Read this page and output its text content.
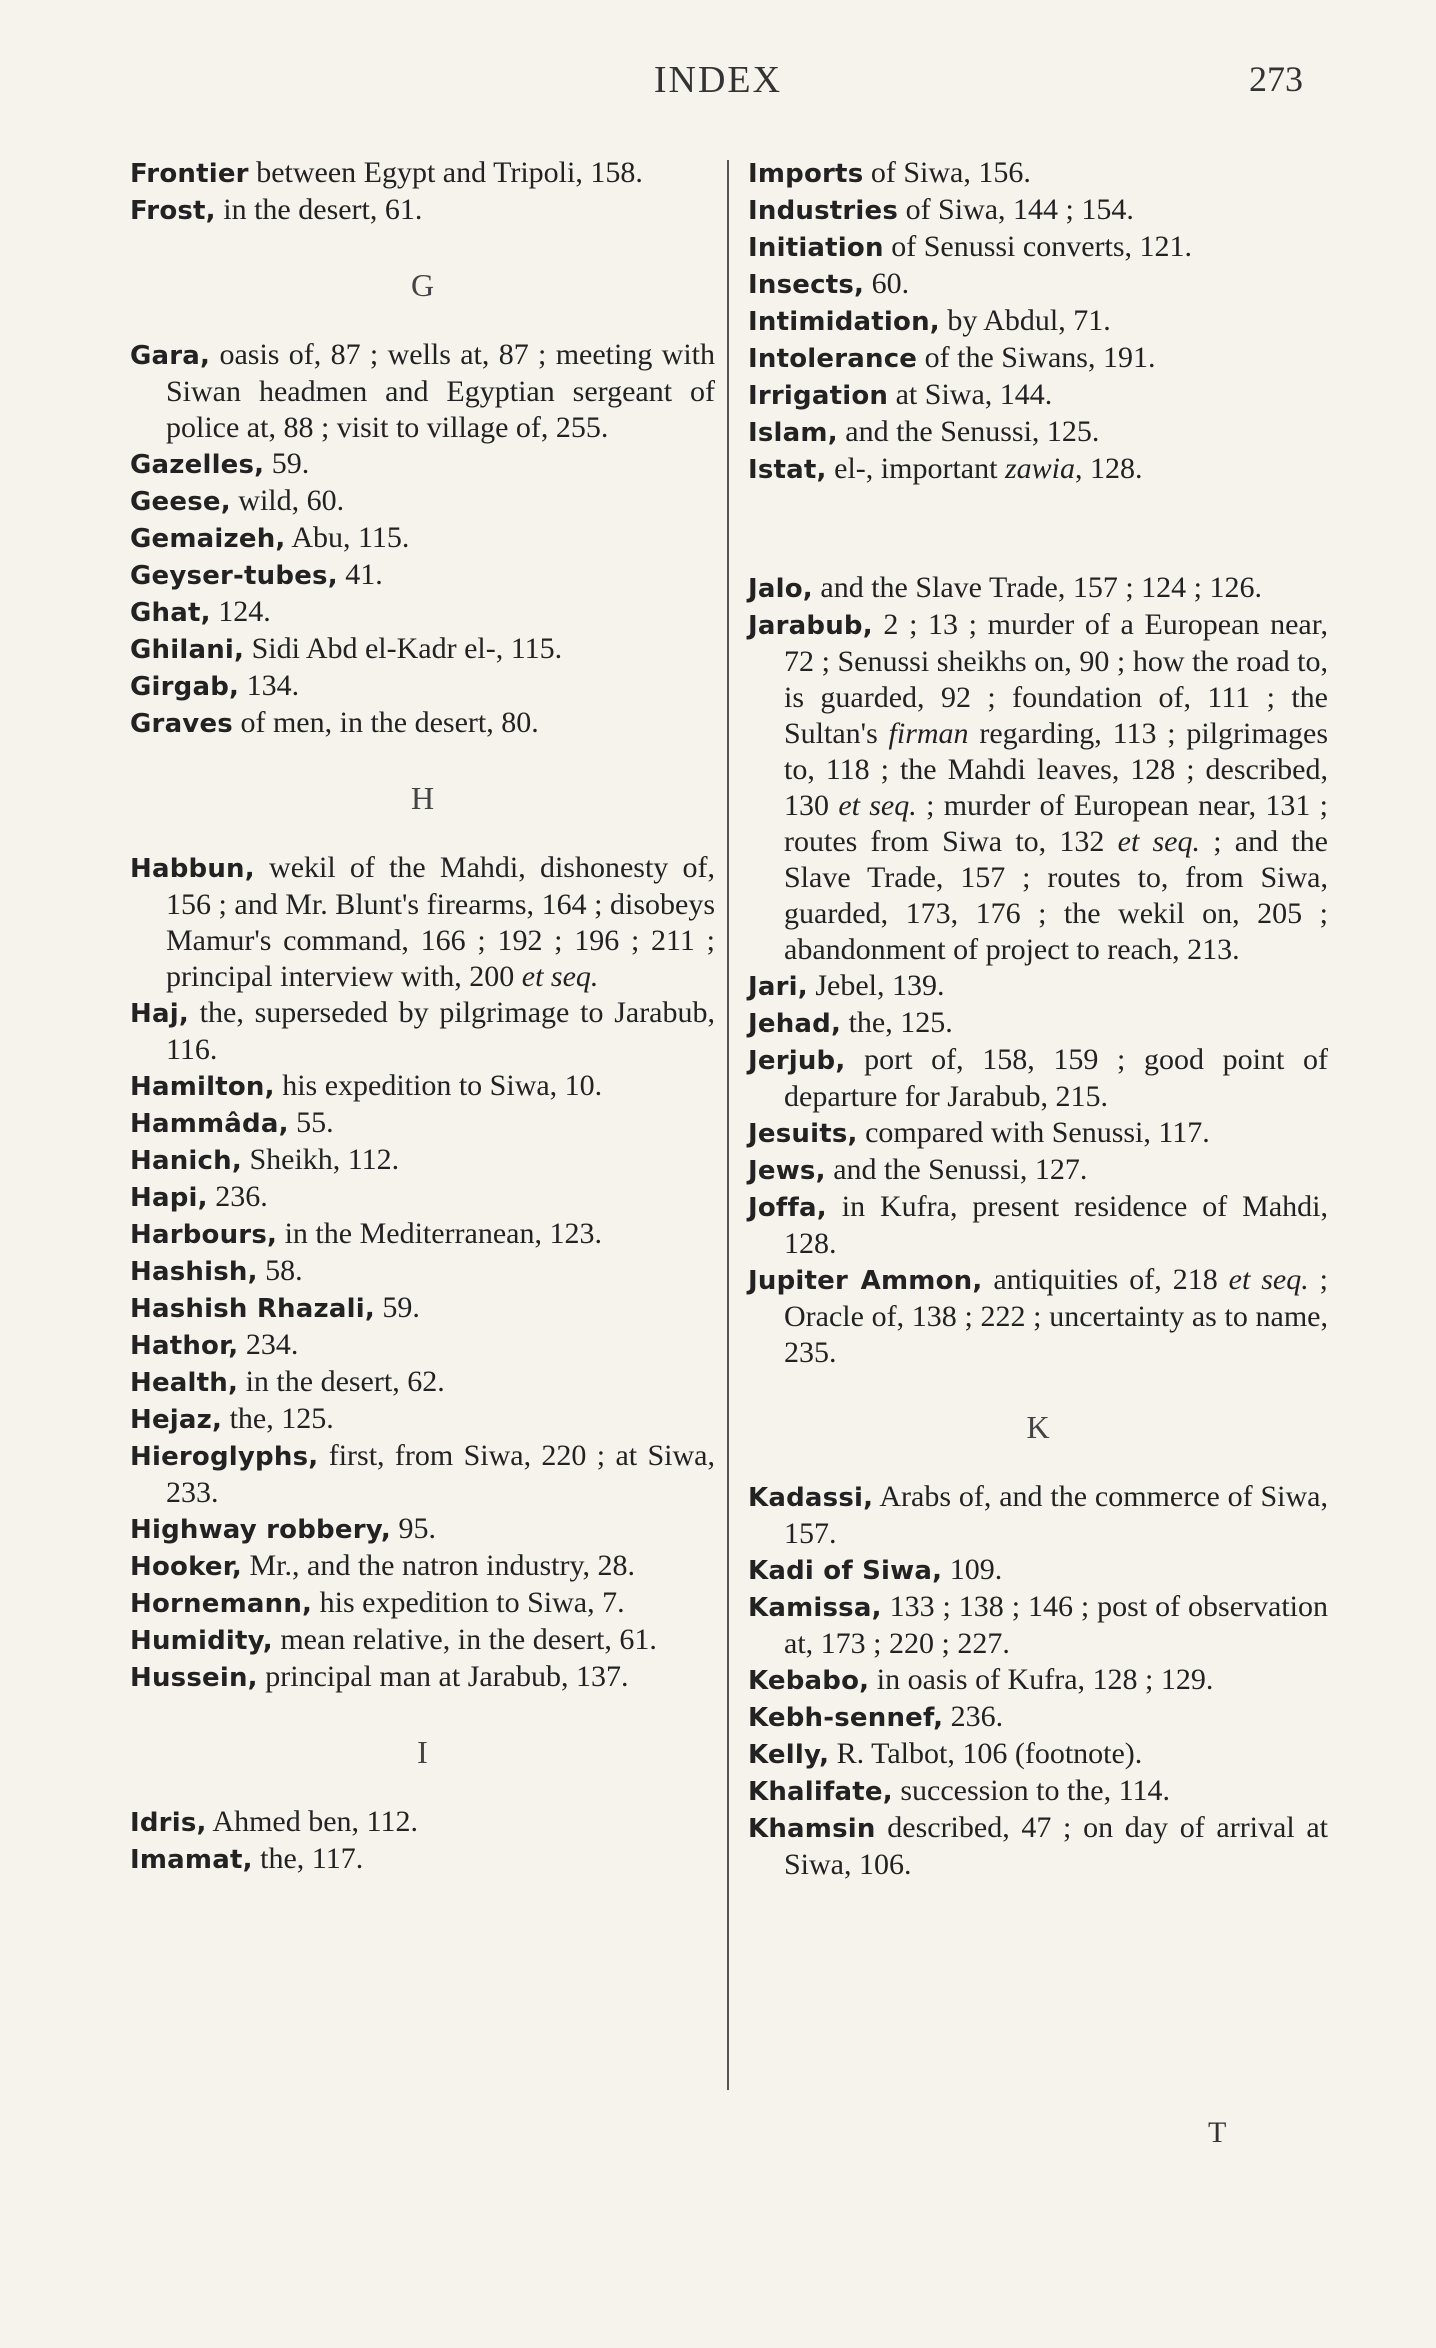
INDEX	273
Frontier between Egypt and Tripoli, 158.
Frost, in the desert, 61.
G
Gara, oasis of, 87 ; wells at, 87 ; meeting with Siwan headmen and Egyptian sergeant of police at, 88 ; visit to village of, 255.
Gazelles, 59.
Geese, wild, 60.
Gemaizeh, Abu, 115.
Geyser-tubes, 41.
Ghat, 124.
Ghilani, Sidi Abd el-Kadr el-, 115.
Girgab, 134.
Graves of men, in the desert, 80.
H
Habbun, wekil of the Mahdi, dishonesty of, 156 ; and Mr. Blunt's firearms, 164 ; disobeys Mamur's command, 166 ; 192 ; 196 ; 211 ; principal interview with, 200 et seq.
Haj, the, superseded by pilgrimage to Jarabub, 116.
Hamilton, his expedition to Siwa, 10.
Hammâda, 55.
Hanich, Sheikh, 112.
Hapi, 236.
Harbours, in the Mediterranean, 123.
Hashish, 58.
Hashish Rhazali, 59.
Hathor, 234.
Health, in the desert, 62.
Hejaz, the, 125.
Hieroglyphs, first, from Siwa, 220 ; at Siwa, 233.
Highway robbery, 95.
Hooker, Mr., and the natron industry, 28.
Hornemann, his expedition to Siwa, 7.
Humidity, mean relative, in the desert, 61.
Hussein, principal man at Jarabub, 137.
I
Idris, Ahmed ben, 112.
Imamat, the, 117.
Imports of Siwa, 156.
Industries of Siwa, 144 ; 154.
Initiation of Senussi converts, 121.
Insects, 60.
Intimidation, by Abdul, 71.
Intolerance of the Siwans, 191.
Irrigation at Siwa, 144.
Islam, and the Senussi, 125.
Istat, el-, important zawia, 128.
Jalo, and the Slave Trade, 157 ; 124 ; 126.
Jarabub, 2 ; 13 ; murder of a European near, 72 ; Senussi sheikhs on, 90 ; how the road to, is guarded, 92 ; foundation of, 111 ; the Sultan's firman regarding, 113 ; pilgrimages to, 118 ; the Mahdi leaves, 128 ; described, 130 et seq. ; murder of European near, 131 ; routes from Siwa to, 132 et seq. ; and the Slave Trade, 157 ; routes to, from Siwa, guarded, 173, 176 ; the wekil on, 205 ; abandonment of project to reach, 213.
Jari, Jebel, 139.
Jehad, the, 125.
Jerjub, port of, 158, 159 ; good point of departure for Jarabub, 215.
Jesuits, compared with Senussi, 117.
Jews, and the Senussi, 127.
Joffa, in Kufra, present residence of Mahdi, 128.
Jupiter Ammon, antiquities of, 218 et seq. ; Oracle of, 138 ; 222 ; uncertainty as to name, 235.
K
Kadassi, Arabs of, and the commerce of Siwa, 157.
Kadi of Siwa, 109.
Kamissa, 133 ; 138 ; 146 ; post of observation at, 173 ; 220 ; 227.
Kebabo, in oasis of Kufra, 128 ; 129.
Kebh-sennef, 236.
Kelly, R. Talbot, 106 (footnote).
Khalifate, succession to the, 114.
Khamsin described, 47 ; on day of arrival at Siwa, 106.
T
